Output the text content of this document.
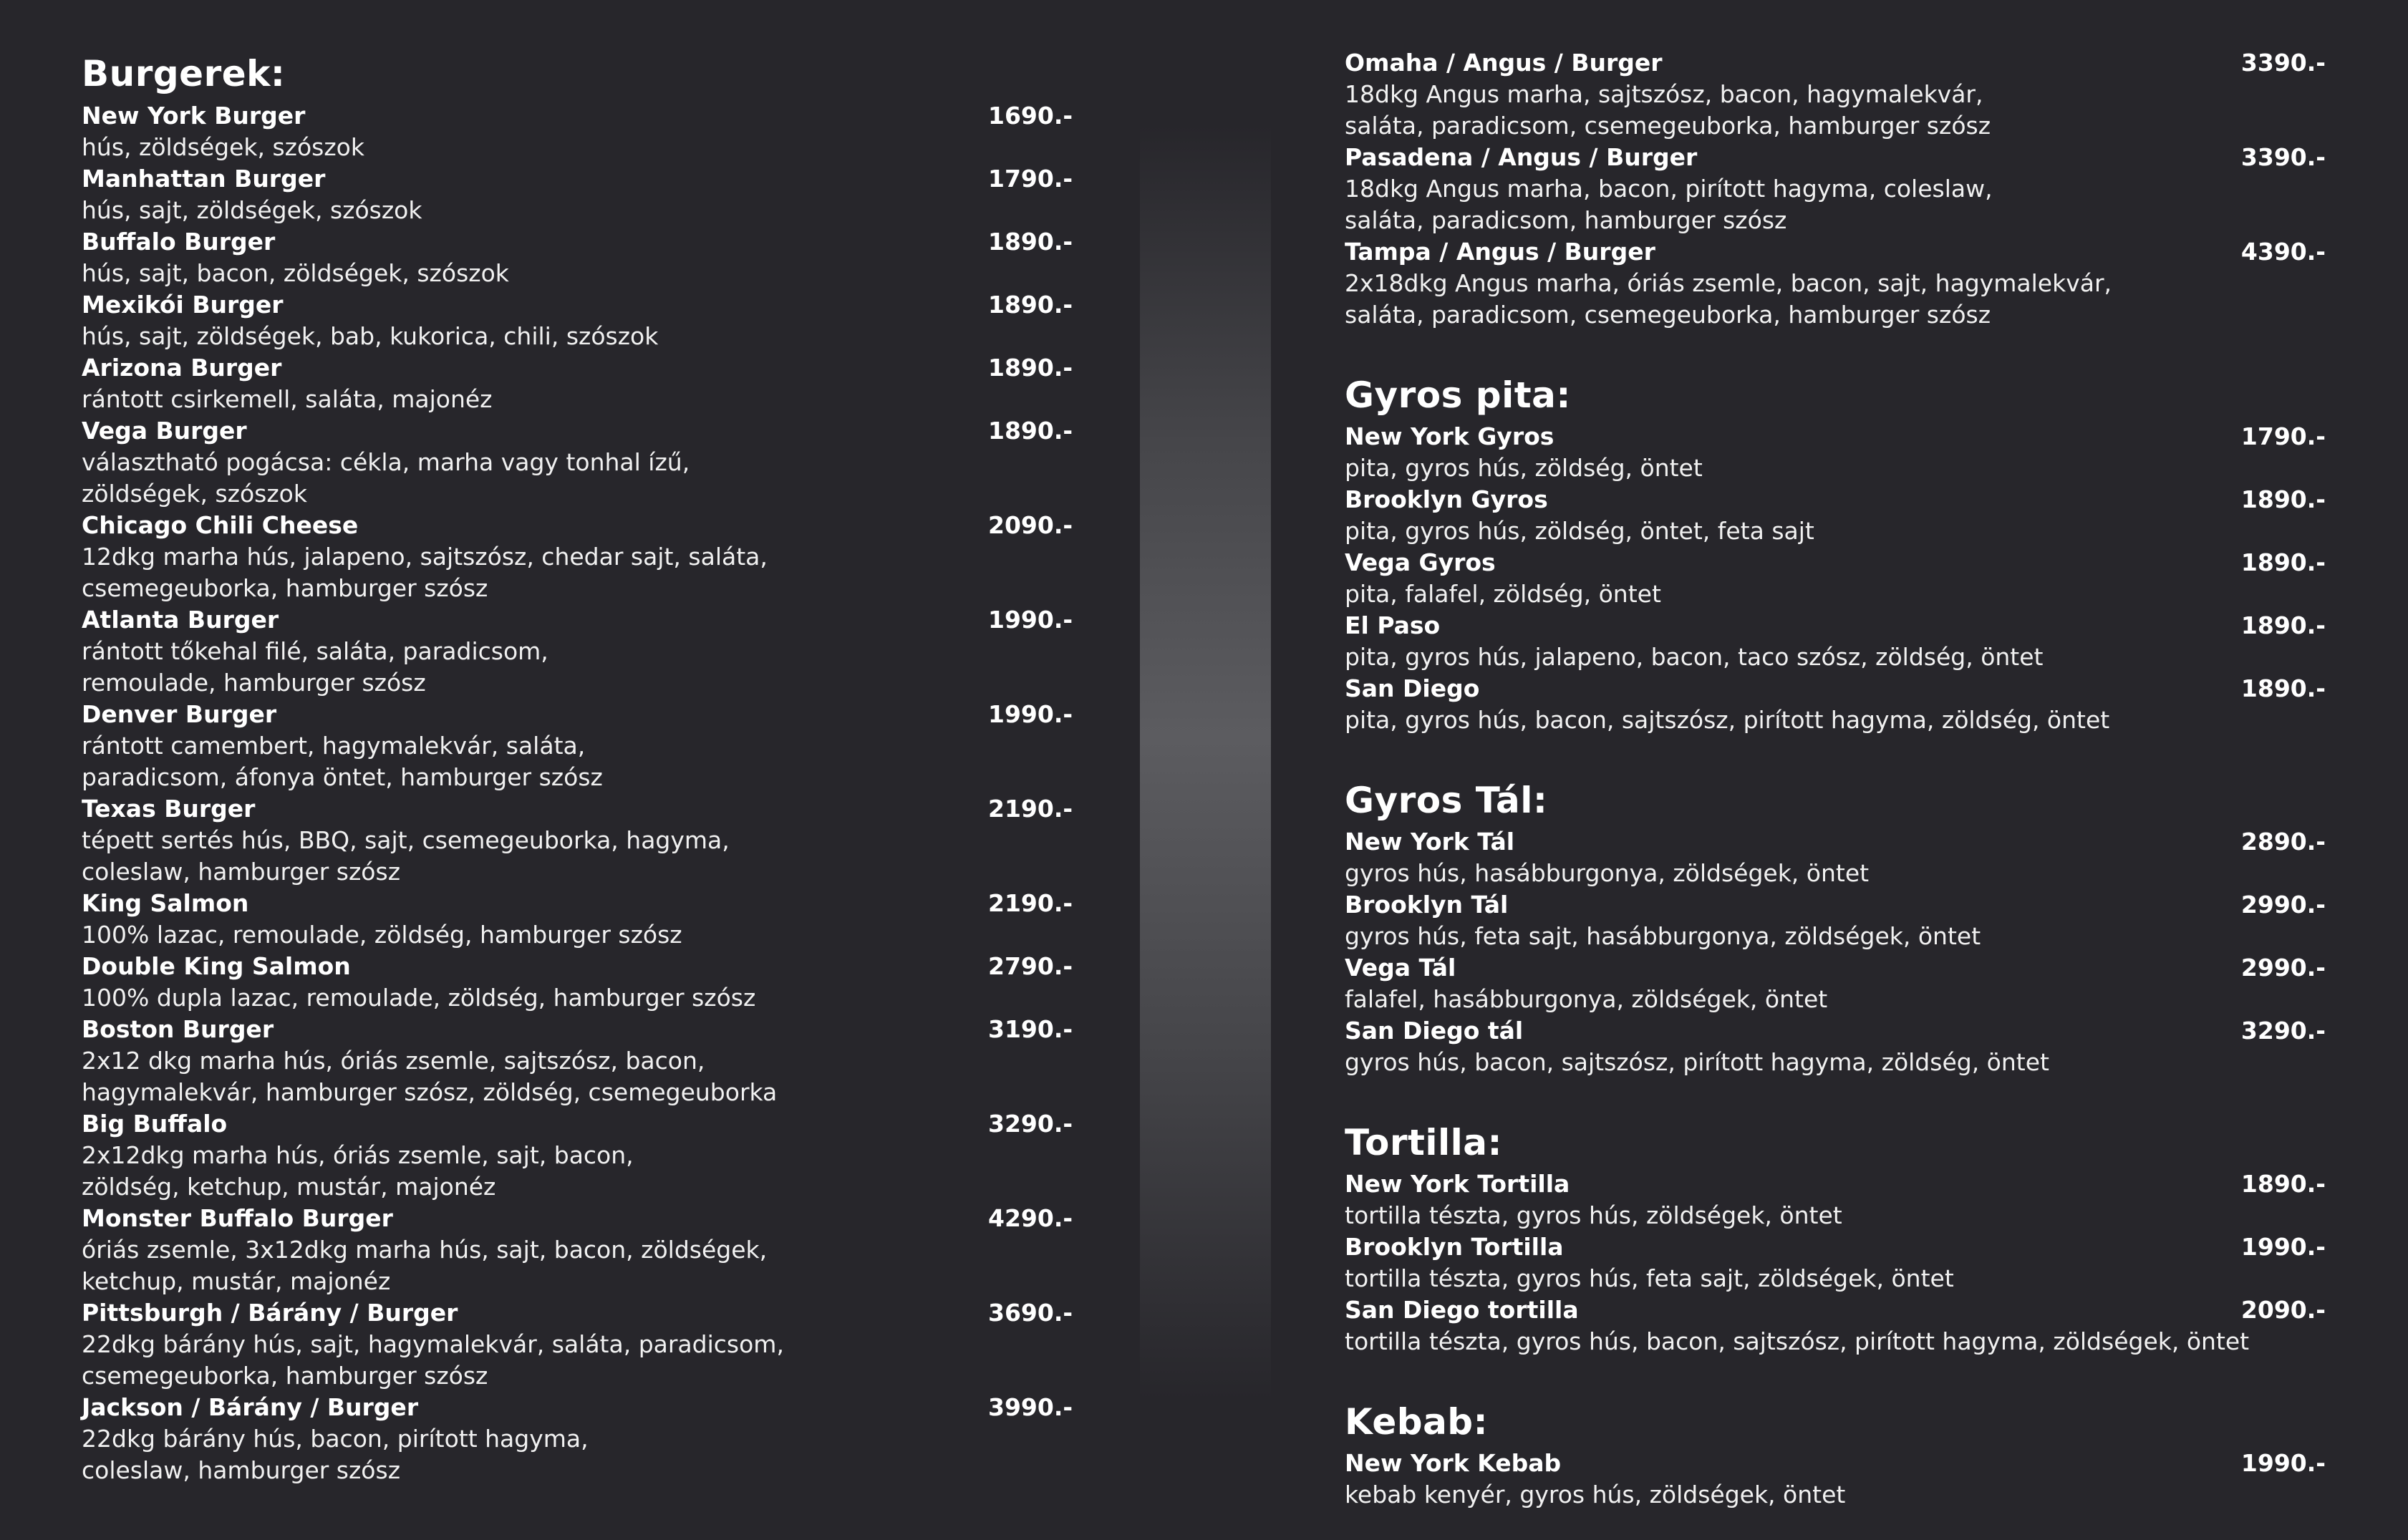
Burgerek:
New York Burger	1690.-
hús, zöldségek, szószok
Manhattan Burger	1790.-
hús, sajt, zöldségek, szószok
Buffalo Burger	1890.-
hús, sajt, bacon, zöldségek, szószok
Mexikói Burger	1890.-
hús, sajt, zöldségek, bab, kukorica, chili, szószok
Arizona Burger	1890.-
rántott csirkemell, saláta, majonéz
Vega Burger	1890.-
választható pogácsa: cékla, marha vagy tonhal ízű,
zöldségek, szószok
Chicago Chili Cheese	2090.-
12dkg marha hús, jalapeno, sajtszósz, chedar sajt, saláta,
csemegeuborka, hamburger szósz
Atlanta Burger	1990.-
rántott tőkehal filé, saláta, paradicsom,
remoulade, hamburger szósz
Denver Burger	1990.-
rántott camembert, hagymalekvár, saláta,
paradicsom, áfonya öntet, hamburger szósz
Texas Burger	2190.-
tépett sertés hús, BBQ, sajt, csemegeuborka, hagyma,
coleslaw, hamburger szósz
King Salmon	2190.-
100% lazac, remoulade, zöldség, hamburger szósz
Double King Salmon	2790.-
100% dupla lazac, remoulade, zöldség, hamburger szósz
Boston Burger	3190.-
2x12 dkg marha hús, óriás zsemle, sajtszósz, bacon,
hagymalekvár, hamburger szósz, zöldség, csemegeuborka
Big Buffalo	3290.-
2x12dkg marha hús, óriás zsemle, sajt, bacon,
zöldség, ketchup, mustár, majonéz
Monster Buffalo Burger	4290.-
óriás zsemle, 3x12dkg marha hús, sajt, bacon, zöldségek,
ketchup, mustár, majonéz
Pittsburgh / Bárány / Burger	3690.-
22dkg bárány hús, sajt, hagymalekvár, saláta, paradicsom,
csemegeuborka, hamburger szósz
Jackson / Bárány / Burger	3990.-
22dkg bárány hús, bacon, pirított hagyma,
coleslaw, hamburger szósz
Omaha / Angus / Burger	3390.-
18dkg Angus marha, sajtszósz, bacon, hagymalekvár,
saláta, paradicsom, csemegeuborka, hamburger szósz
Pasadena / Angus / Burger	3390.-
18dkg Angus marha, bacon, pirított hagyma, coleslaw,
saláta, paradicsom, hamburger szósz
Tampa / Angus / Burger	4390.-
2x18dkg Angus marha, óriás zsemle, bacon, sajt, hagymalekvár,
saláta, paradicsom, csemegeuborka, hamburger szósz
Gyros pita:
New York Gyros	1790.-
pita, gyros hús, zöldség, öntet
Brooklyn Gyros	1890.-
pita, gyros hús, zöldség, öntet, feta sajt
Vega Gyros	1890.-
pita, falafel, zöldség, öntet
El Paso	1890.-
pita, gyros hús, jalapeno, bacon, taco szósz, zöldség, öntet
San Diego	1890.-
pita, gyros hús, bacon, sajtszósz, pirított hagyma, zöldség, öntet
Gyros Tál:
New York Tál	2890.-
gyros hús, hasábburgonya, zöldségek, öntet
Brooklyn Tál	2990.-
gyros hús, feta sajt, hasábburgonya, zöldségek, öntet
Vega Tál	2990.-
falafel, hasábburgonya, zöldségek, öntet
San Diego tál	3290.-
gyros hús, bacon, sajtszósz, pirított hagyma, zöldség, öntet
Tortilla:
New York Tortilla	1890.-
tortilla tészta, gyros hús, zöldségek, öntet
Brooklyn Tortilla	1990.-
tortilla tészta, gyros hús, feta sajt, zöldségek, öntet
San Diego tortilla	2090.-
tortilla tészta, gyros hús, bacon, sajtszósz, pirított hagyma, zöldségek, öntet
Kebab:
New York Kebab	1990.-
kebab kenyér, gyros hús, zöldségek, öntet
